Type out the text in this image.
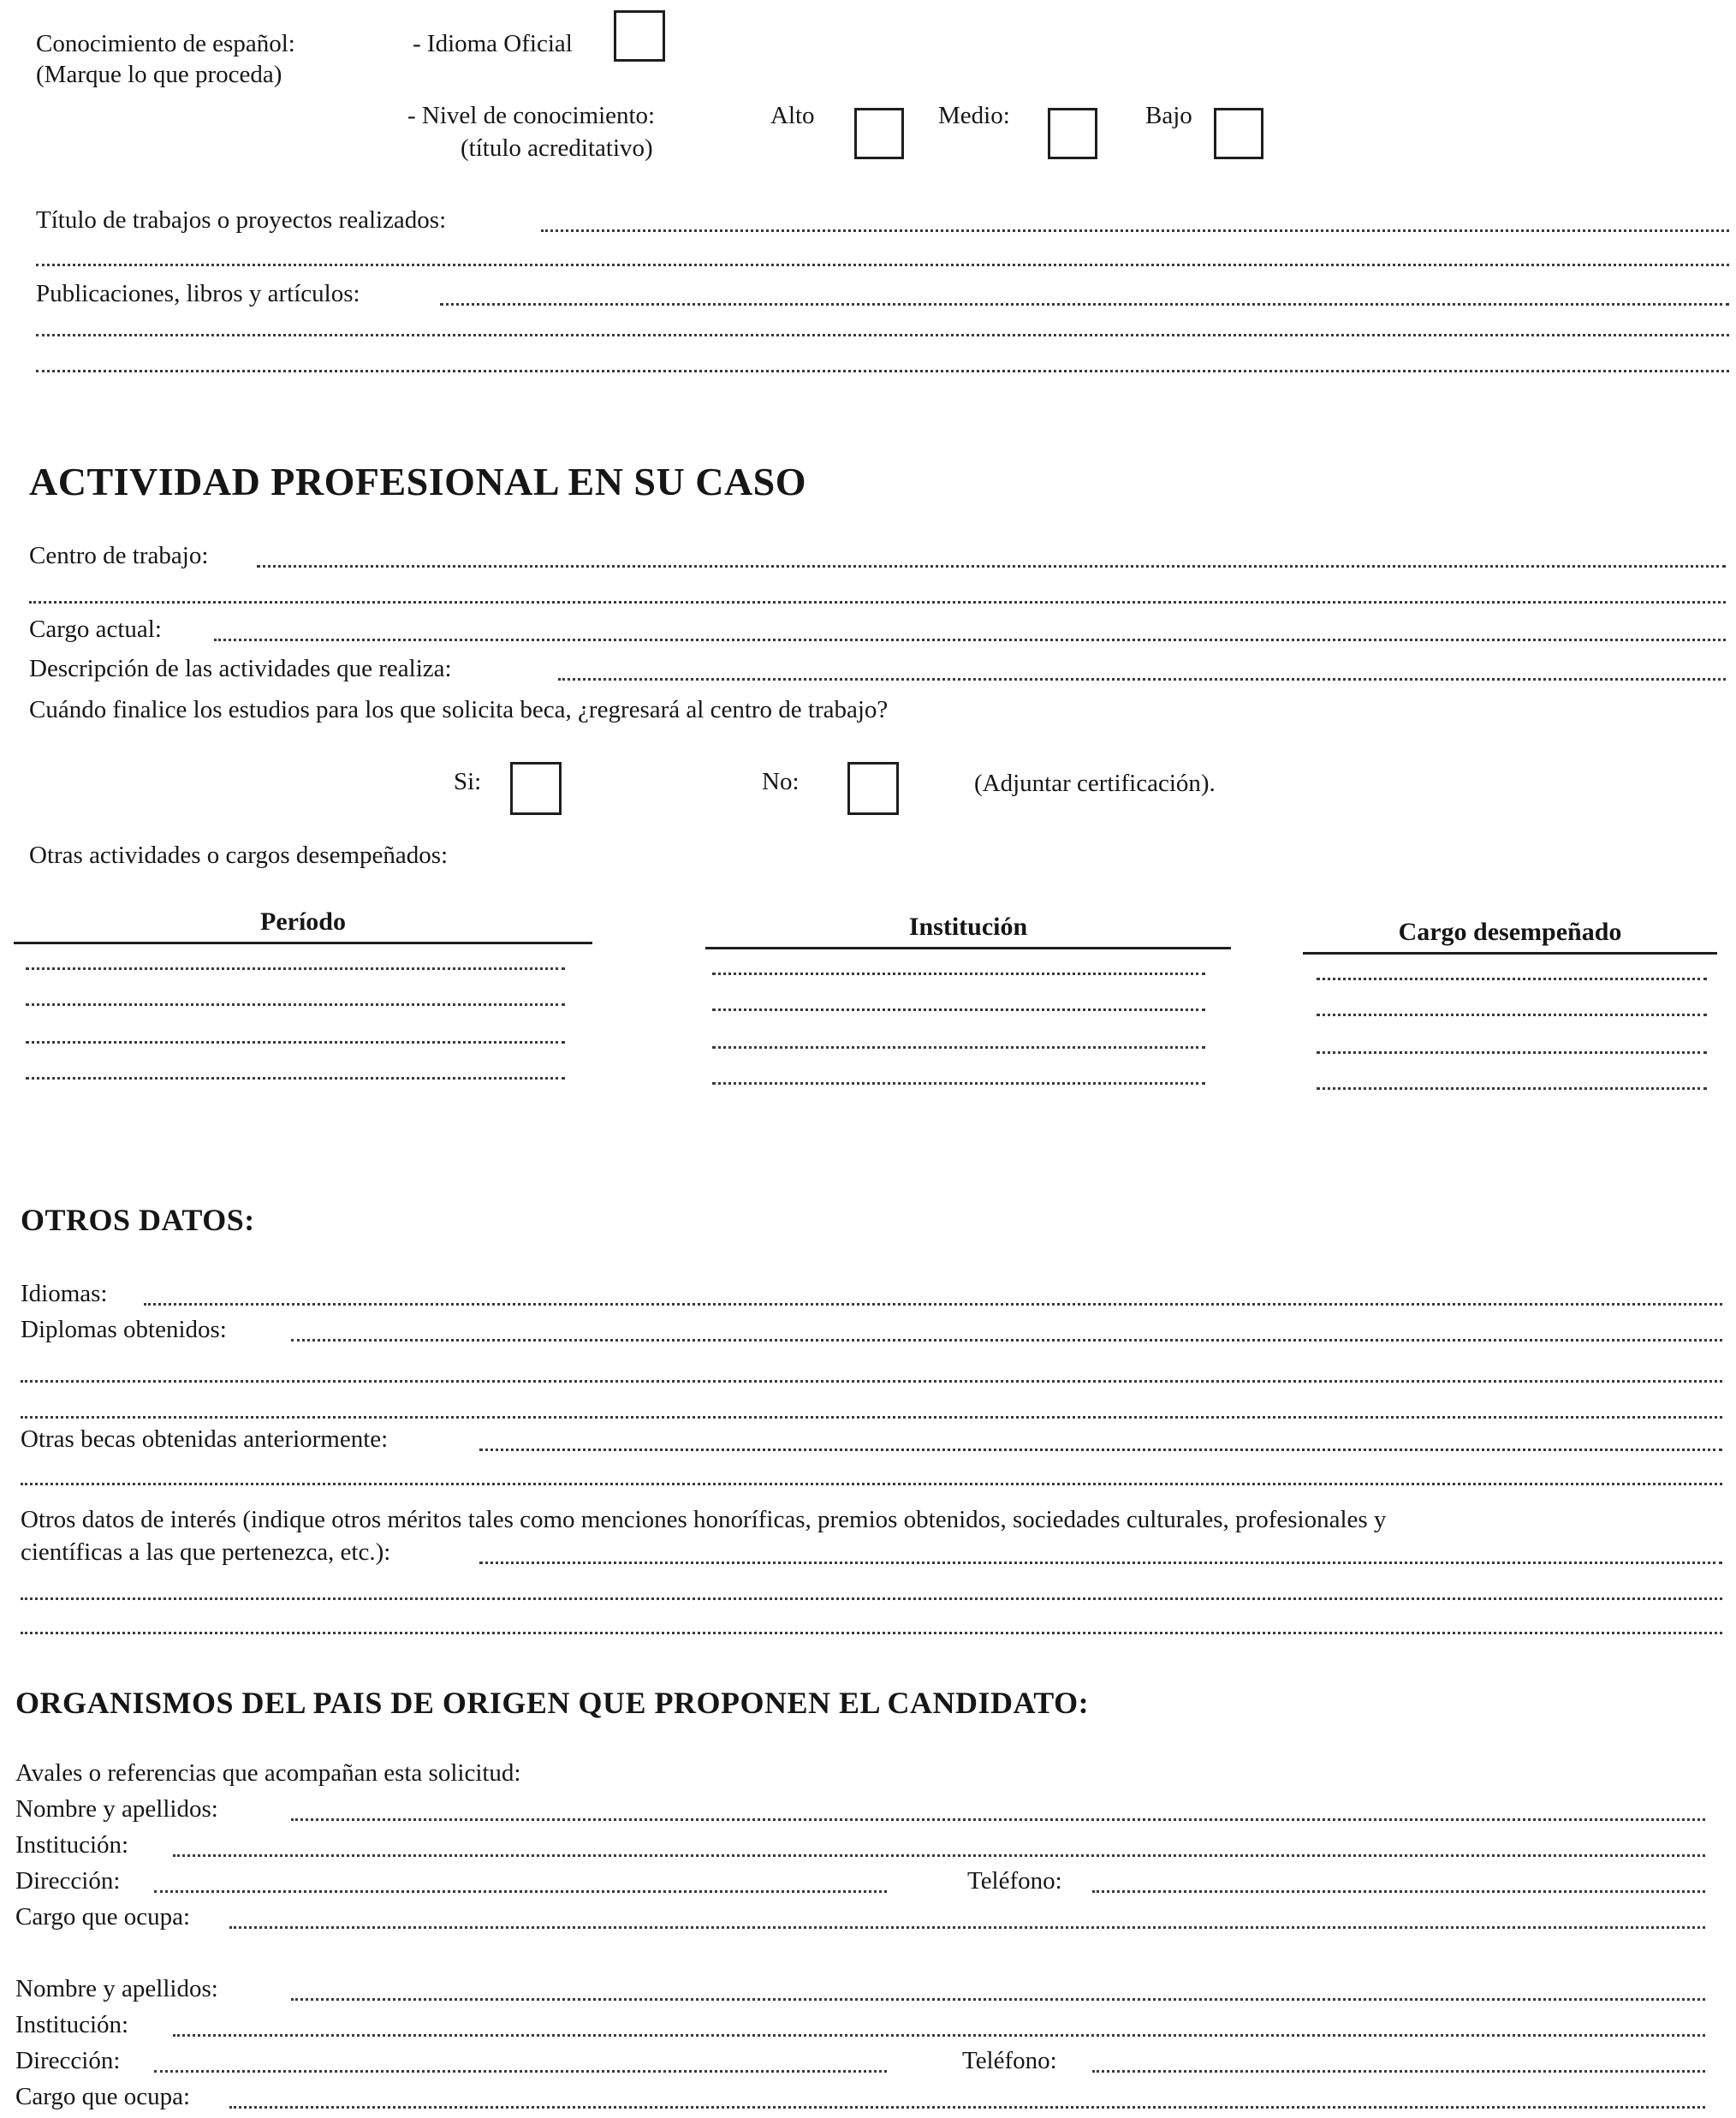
Conocimiento de español:
(Marque lo que proceda)
- Idioma Oficial
- Nivel de conocimiento:
(título acreditativo)
Alto	Medio:	Bajo
Título de trabajos o proyectos realizados:
Publicaciones, libros y artículos:
ACTIVIDAD PROFESIONAL EN SU CASO
Centro de trabajo:
Cargo actual:
Descripción de las actividades que realiza:
Cuándo finalice los estudios para los que solicita beca, ¿regresará al centro de trabajo?
Si:	No:	(Adjuntar certificación).
Otras actividades o cargos desempeñados:
Período	Institución	Cargo desempeñado
OTROS DATOS:
Idiomas:
Diplomas obtenidos:
Otras becas obtenidas anteriormente:
Otros datos de interés (indique otros méritos tales como menciones honoríficas, premios obtenidos, sociedades culturales, profesionales y
científicas a las que pertenezca, etc.):
ORGANISMOS DEL PAIS DE ORIGEN QUE PROPONEN EL CANDIDATO:
Avales o referencias que acompañan esta solicitud:
Nombre y apellidos:
Institución:
Dirección:	Teléfono:
Cargo que ocupa:
Nombre y apellidos:
Institución:
Dirección:	Teléfono:
Cargo que ocupa:
